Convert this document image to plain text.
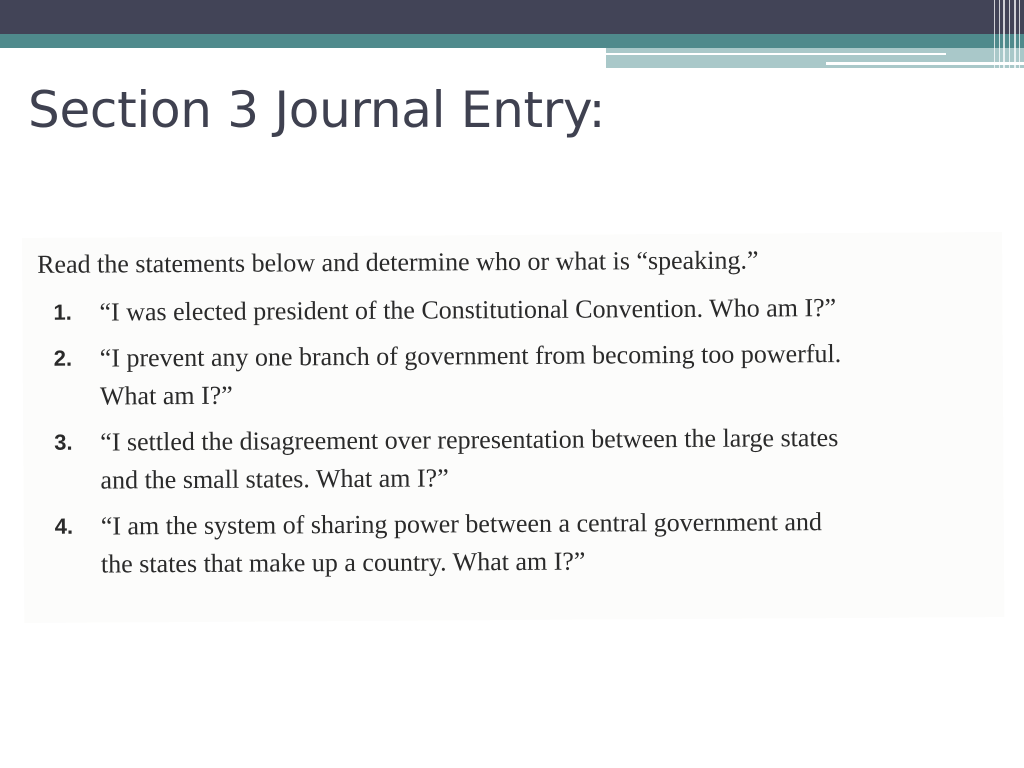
Section 3 Journal Entry:
Read the statements below and determine who or what is “speaking.”
1. “I was elected president of the Constitutional Convention. Who am I?”
2. “I prevent any one branch of government from becoming too powerful.
What am I?”
3. “I settled the disagreement over representation between the large states
and the small states. What am I?”
4. “I am the system of sharing power between a central government and
the states that make up a country. What am I?”
